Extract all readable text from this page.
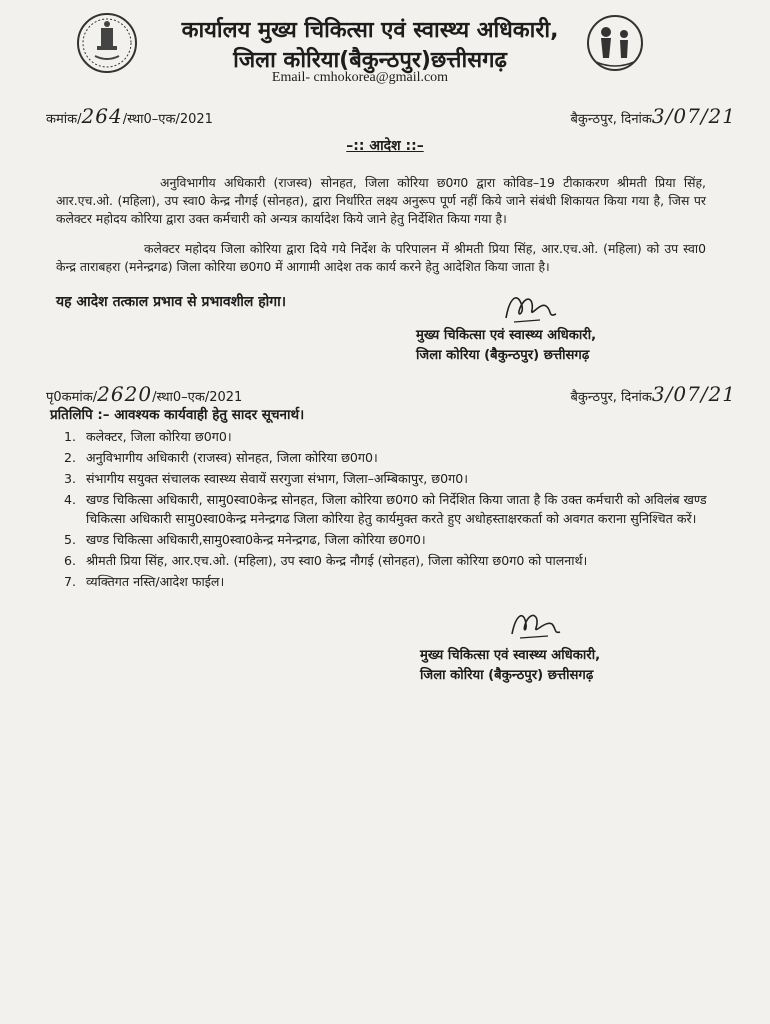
कार्यालय मुख्य चिकित्सा एवं स्वास्थ्य अधिकारी,
जिला कोरिया(बैकुन्ठपुर)छत्तीसगढ़
Email- cmhokorea@gmail.com
कमांक/264/स्था0–एक/2021	बैकुन्ठपुर, दिनांक3/07/21
–:: आदेश ::–
अनुविभागीय अधिकारी (राजस्व) सोनहत, जिला कोरिया छ0ग0 द्वारा कोविड–19 टीकाकरण श्रीमती प्रिया सिंह, आर.एच.ओ. (महिला), उप स्वा0 केन्द्र नौगई (सोनहत), द्वारा निर्धारित लक्ष्य अनुरूप पूर्ण नहीं किये जाने संबंधी शिकायत किया गया है, जिस पर कलेक्टर महोदय कोरिया द्वारा उक्त कर्मचारी को अन्यत्र कार्यादेश किये जाने हेतु निर्देशित किया गया है।
कलेक्टर महोदय जिला कोरिया द्वारा दिये गये निर्देश के परिपालन में श्रीमती प्रिया सिंह, आर.एच.ओ. (महिला) को उप स्वा0 केन्द्र ताराबहरा (मनेन्द्रगढ) जिला कोरिया छ0ग0 में आगामी आदेश तक कार्य करने हेतु आदेशित किया जाता है।
यह आदेश तत्काल प्रभाव से प्रभावशील होगा।
मुख्य चिकित्सा एवं स्वास्थ्य अधिकारी,
जिला कोरिया (बैकुन्ठपुर) छत्तीसगढ़
पृ0कमांक/2620/स्था0–एक/2021	बैकुन्ठपुर, दिनांक3/07/21
प्रतिलिपि :– आवश्यक कार्यवाही हेतु सादर सूचनार्थ।
1. कलेक्टर, जिला कोरिया छ0ग0।
2. अनुविभागीय अधिकारी (राजस्व) सोनहत, जिला कोरिया छ0ग0।
3. संभागीय सयुक्त संचालक स्वास्थ्य सेवायें सरगुजा संभाग, जिला–अम्बिकापुर, छ0ग0।
4. खण्ड चिकित्सा अधिकारी, सामु0स्वा0केन्द्र सोनहत, जिला कोरिया छ0ग0 को निर्देशित किया जाता है कि उक्त कर्मचारी को अविलंब खण्ड चिकित्सा अधिकारी सामु0स्वा0केन्द्र मनेन्द्रगढ जिला कोरिया हेतु कार्यमुक्त करते हुए अधोहस्ताक्षरकर्ता को अवगत कराना सुनिश्चित करें।
5. खण्ड चिकित्सा अधिकारी,सामु0स्वा0केन्द्र मनेन्द्रगढ, जिला कोरिया छ0ग0।
6. श्रीमती प्रिया सिंह, आर.एच.ओ. (महिला), उप स्वा0 केन्द्र नौगई (सोनहत), जिला कोरिया छ0ग0 को पालनार्थ।
7. व्यक्तिगत नस्ति/आदेश फाईल।
मुख्य चिकित्सा एवं स्वास्थ्य अधिकारी,
जिला कोरिया (बैकुन्ठपुर) छत्तीसगढ़
